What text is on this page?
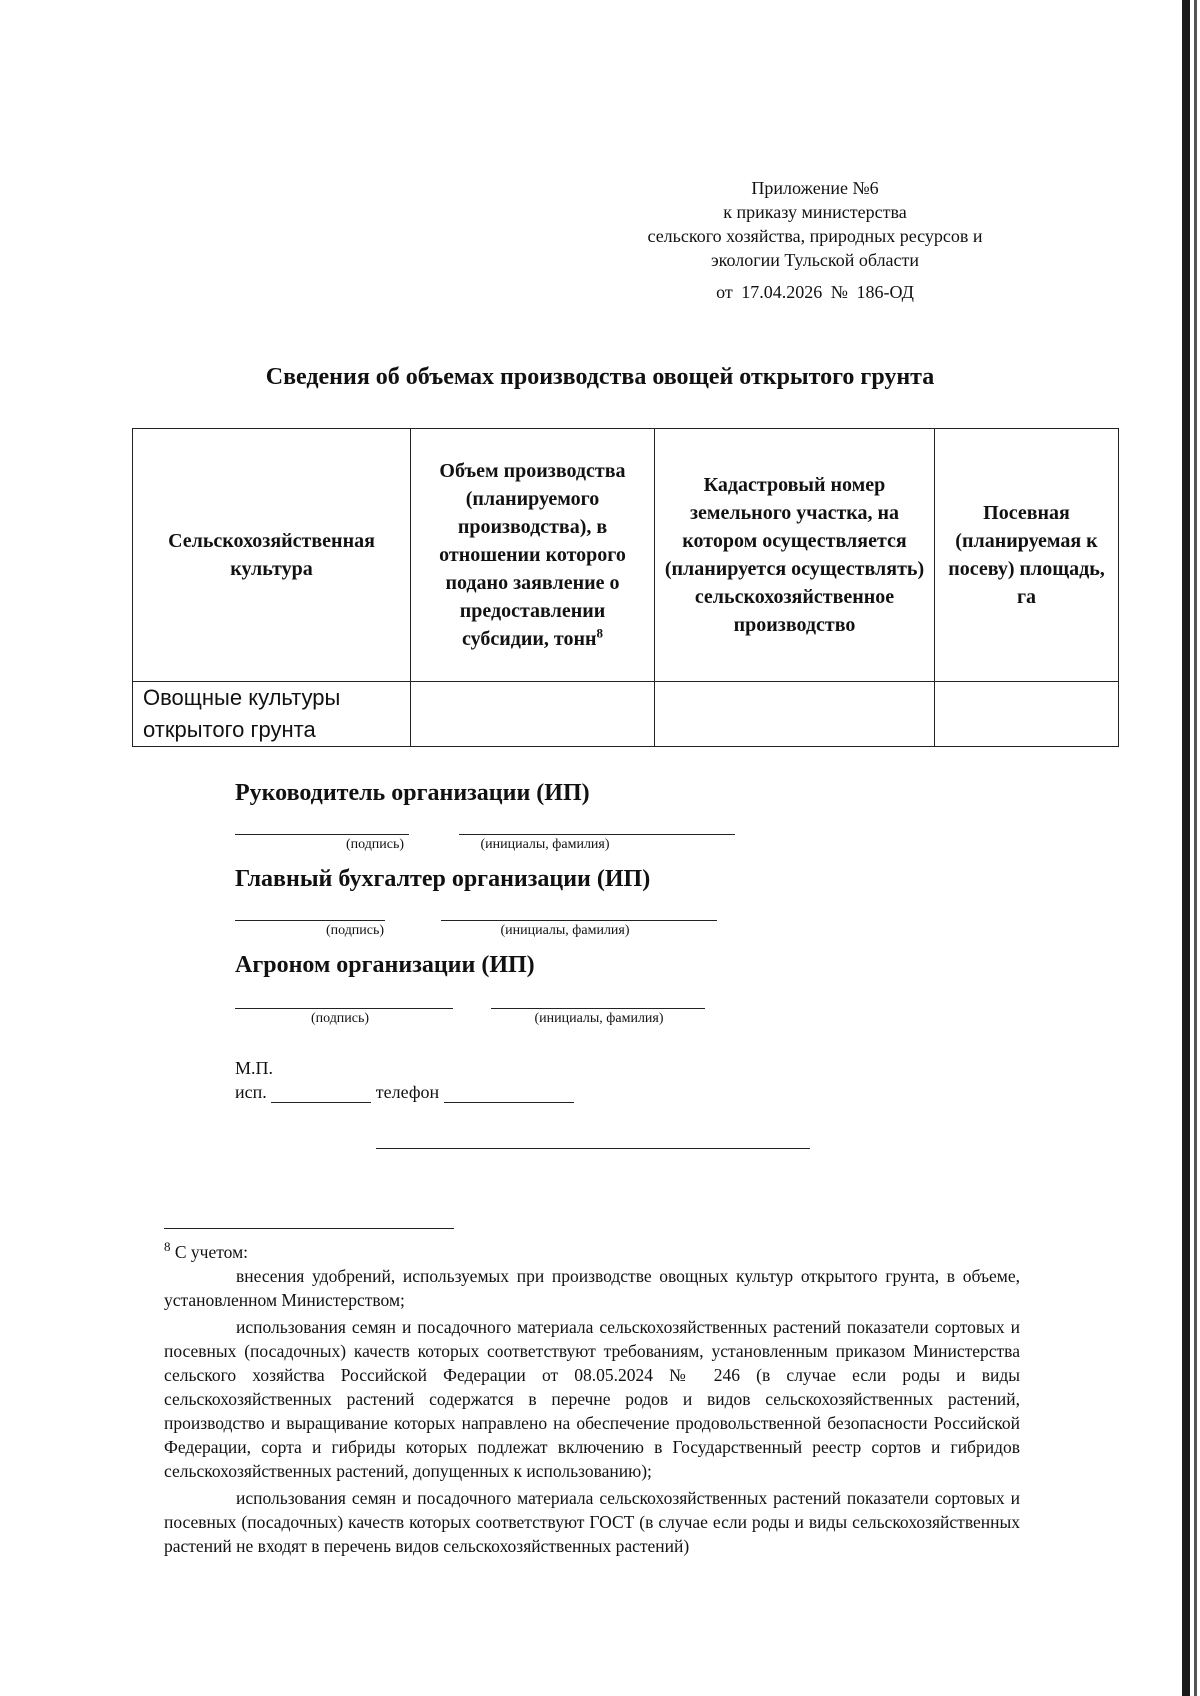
Приложение №6
к приказу министерства
сельского хозяйства, природных ресурсов и
экологии Тульской области
от 17.04.2026 № 186-ОД
Сведения об объемах производства овощей открытого грунта
Сельскохозяйственная культура	Объем производства (планируемого производства), в отношении которого подано заявление о предоставлении субсидии, тонн$^8$	Кадастровый номер земельного участка, на котором осуществляется (планируется осуществлять) сельскохозяйственное производство	Посевная (планируемая к посеву) площадь, га
Овощные культуры открытого грунта			
Руководитель организации (ИП)
(подпись)	(инициалы, фамилия)
Главный бухгалтер организации (ИП)
(подпись)	(инициалы, фамилия)
Агроном организации (ИП)
(подпись)	(инициалы, фамилия)
М.П.
исп.	телефон

$^8$ С учетом:

внесения удобрений, используемых при производстве овощных культур открытого грунта, в объеме, установленном Министерством;

использования семян и посадочного материала сельскохозяйственных растений показатели сортовых и посевных (посадочных) качеств которых соответствуют требованиям, установленным приказом Министерства сельского хозяйства Российской Федерации от 08.05.2024 № 246 (в случае если роды и виды сельскохозяйственных растений содержатся в перечне родов и видов сельскохозяйственных растений, производство и выращивание которых направлено на обеспечение продовольственной безопасности Российской Федерации, сорта и гибриды которых подлежат включению в Государственный реестр сортов и гибридов сельскохозяйственных растений, допущенных к использованию);

использования семян и посадочного материала сельскохозяйственных растений показатели сортовых и посевных (посадочных) качеств которых соответствуют ГОСТ (в случае если роды и виды сельскохозяйственных растений не входят в перечень видов сельскохозяйственных растений)
